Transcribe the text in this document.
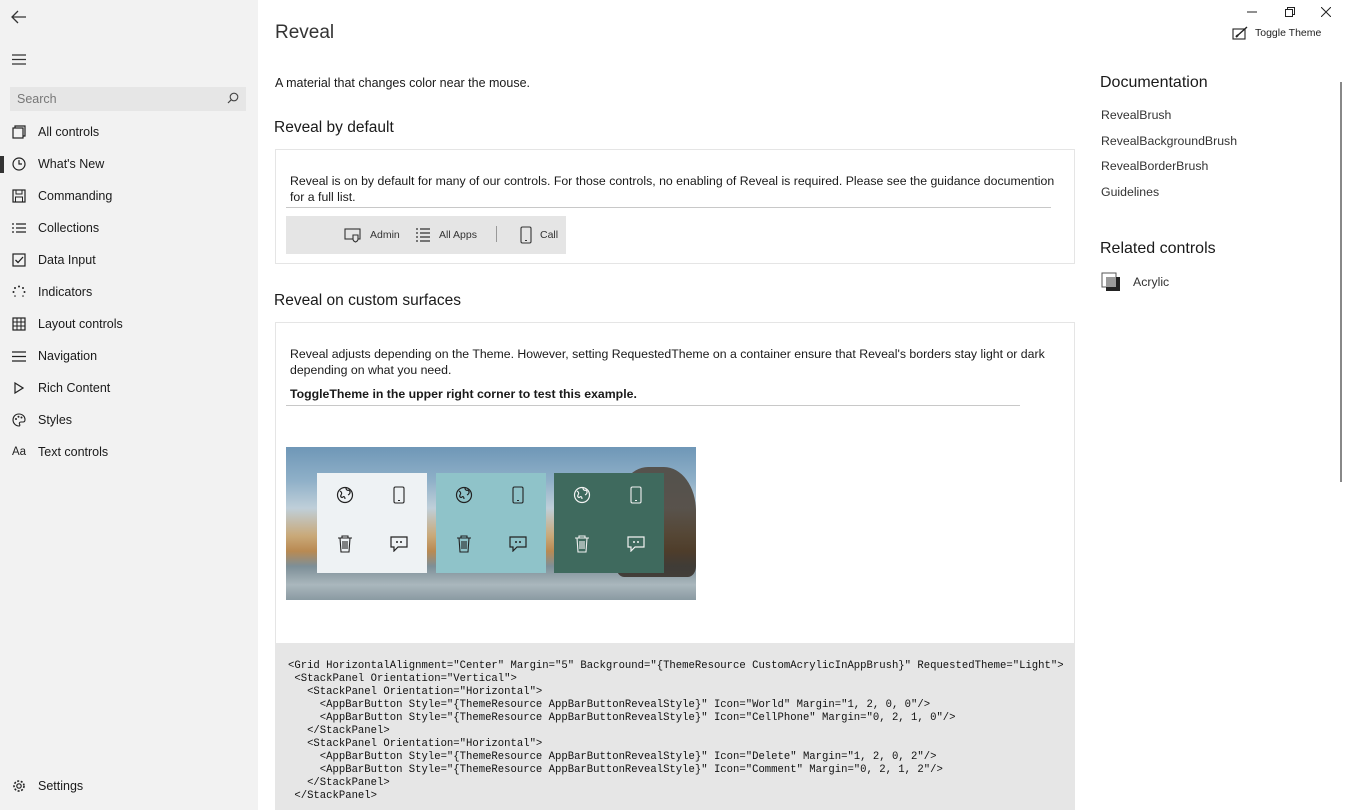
Search
All controls
What's New
Commanding
Collections
Data Input
Indicators
Layout controls
Navigation
Rich Content
Styles
Aa Text controls
Settings
Toggle Theme
Reveal
A material that changes color near the mouse.
Reveal by default
Reveal is on by default for many of our controls. For those controls, no enabling of Reveal is required. Please see the guidance documention for a full list.
Admin	All Apps	Call
Reveal on custom surfaces
Reveal adjusts depending on the Theme. However, setting RequestedTheme on a container ensure that Reveal's borders stay light or dark depending on what you need.
ToggleTheme in the upper right corner to test this example.
<Grid HorizontalAlignment="Center" Margin="5" Background="{ThemeResource CustomAcrylicInAppBrush}" RequestedTheme="Light">
<StackPanel Orientation="Vertical">
<StackPanel Orientation="Horizontal">
<AppBarButton Style="{ThemeResource AppBarButtonRevealStyle}" Icon="World" Margin="1, 2, 0, 0"/>
<AppBarButton Style="{ThemeResource AppBarButtonRevealStyle}" Icon="CellPhone" Margin="0, 2, 1, 0"/>
</StackPanel>
<StackPanel Orientation="Horizontal">
<AppBarButton Style="{ThemeResource AppBarButtonRevealStyle}" Icon="Delete" Margin="1, 2, 0, 2"/>
<AppBarButton Style="{ThemeResource AppBarButtonRevealStyle}" Icon="Comment" Margin="0, 2, 1, 2"/>
</StackPanel>
</StackPanel>
Documentation
RevealBrush
RevealBackgroundBrush
RevealBorderBrush
Guidelines
Related controls
Acrylic
